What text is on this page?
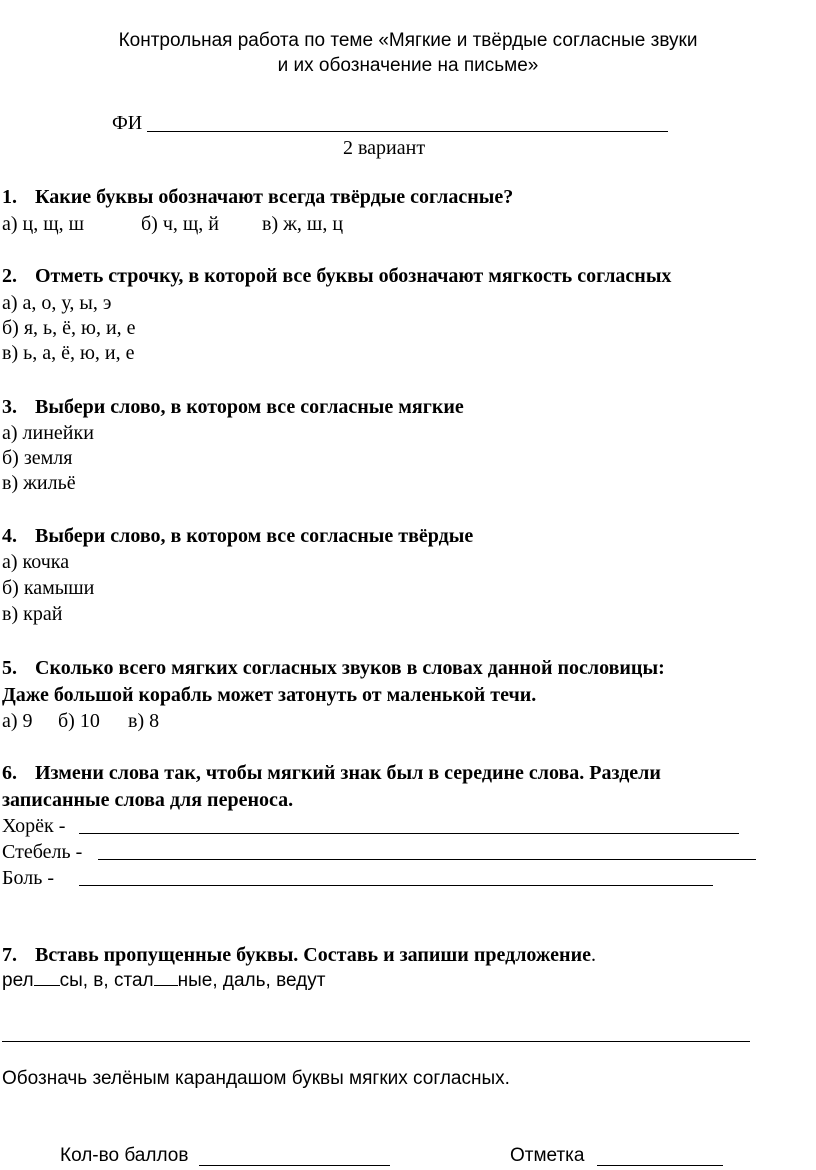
Контрольная работа по теме «Мягкие и твёрдые согласные звуки
и их обозначение на письме»
ФИ
2 вариант
1. Какие буквы обозначают всегда твёрдые согласные?
а) ц, щ, ш	б) ч, щ, й в) ж, ш, ц
2. Отметь строчку, в которой все буквы обозначают мягкость согласных
а) а, о, у, ы, э
б) я, ь, ё, ю, и, е
в) ь, а, ё, ю, и, е
3. Выбери слово, в котором все согласные мягкие
а) линейки
б) земля
в) жильё
4. Выбери слово, в котором все согласные твёрдые
а) кочка
б) камыши
в) край
5. Сколько всего мягких согласных звуков в словах данной пословицы:
Даже большой корабль может затонуть от маленькой течи.
а) 9 б) 10 в) 8
6. Измени слова так, чтобы мягкий знак был в середине слова. Раздели
записанные слова для переноса.
Хорёк -
Стебель -
Боль -
7. Вставь пропущенные буквы. Составь и запиши предложение.
рел сы, в, стал ные, даль, ведут
Обозначь зелёным карандашом буквы мягких согласных.
Кол-во баллов	Отметка
